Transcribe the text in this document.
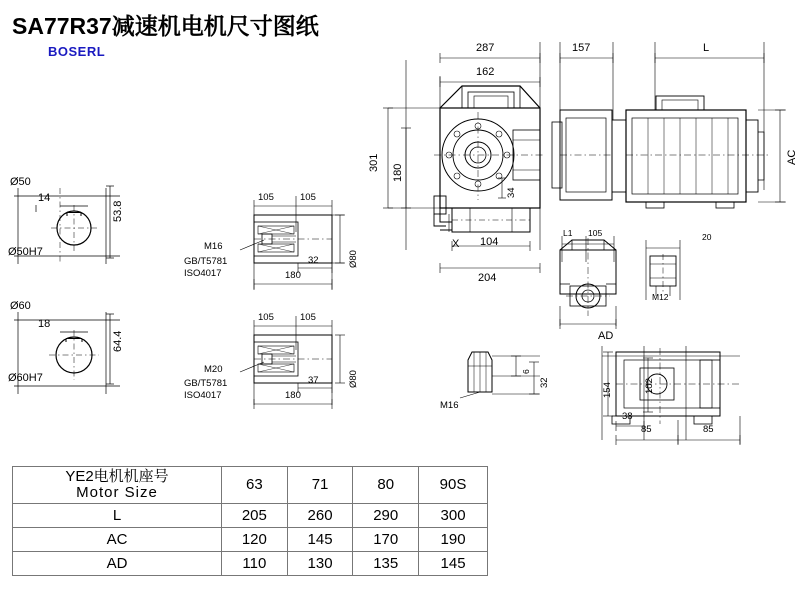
SA77R37减速机电机尺寸图纸
BOSERL
Ø50
14
53.8
Ø50H7
Ø60
18
64.4
Ø60H7
105	105
M16
GB/T5781
ISO4017
32
180
Ø80
105	105
M20
GB/T5781
ISO4017
37
180
Ø80
287
162
157	L
301
180
34
104
204
X
AC
L1 105	20
M12
AD
6
32
M16
154	102
38
85	85
YE2电机机座号
Motor Size	63	71	80	90S
L	205	260	290	300
AC	120	145	170	190
AD	110	130	135	145
